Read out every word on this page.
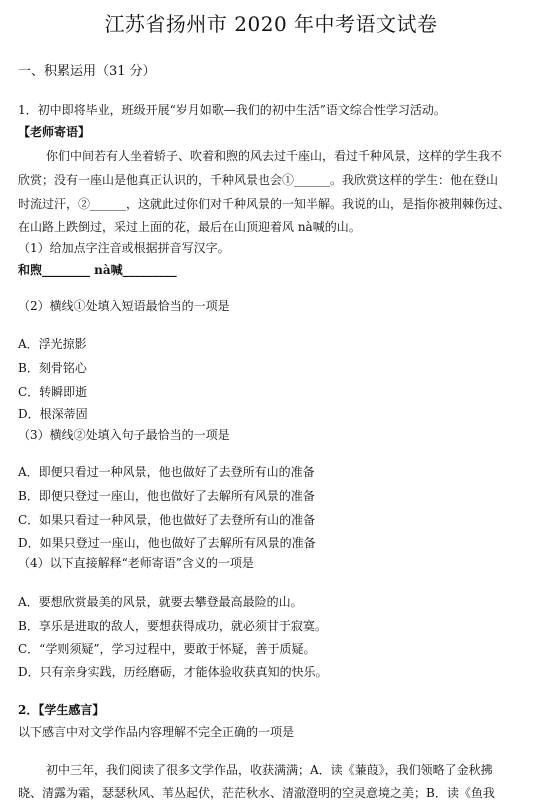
江苏省扬州市 2020 年中考语文试卷
一、积累运用（31 分）
1．初中即将毕业，班级开展“岁月如歌—我们的初中生活”语文综合性学习活动。
【老师寄语】
你们中间若有人坐着轿子、吹着和煦的风去过千座山，看过千种风景，这样的学生我不
欣赏；没有一座山是他真正认识的，千种风景也会①______。我欣赏这样的学生：他在登山
时流过汗，②______，这就此过你们对千种风景的一知半解。我说的山，是指你被荆棘伤过、
在山路上跌倒过，采过上面的花，最后在山顶迎着风 nà喊的山。
（1）给加点字注音或根据拼音写汉字。
和煦________ nà喊_________
（2）横线①处填入短语最恰当的一项是
A．浮光掠影
B．刻骨铭心
C．转瞬即逝
D．根深蒂固
（3）横线②处填入句子最恰当的一项是
A．即便只看过一种风景，他也做好了去登所有山的准备
B．即便只登过一座山，他也做好了去解所有风景的准备
C．如果只看过一种风景，他也做好了去登所有山的准备
D．如果只登过一座山，他也做好了去解所有风景的准备
（4）以下直接解释“老师寄语”含义的一项是
A．要想欣赏最美的风景，就要去攀登最高最险的山。
B．享乐是进取的敌人，要想获得成功，就必须甘于寂寞。
C．“学则须疑”，学习过程中，要敢于怀疑，善于质疑。
D．只有亲身实践，历经磨砺，才能体验收获真知的快乐。
2．【学生感言】
以下感言中对文学作品内容理解不完全正确的一项是
初中三年，我们阅读了很多文学作品，收获满满；A．读《蒹葭》，我们领略了金秋拂
晓、清露为霜，瑟瑟秋风、苇丛起伏，茫茫秋水、清澈澄明的空灵意境之美；B．读《鱼我
